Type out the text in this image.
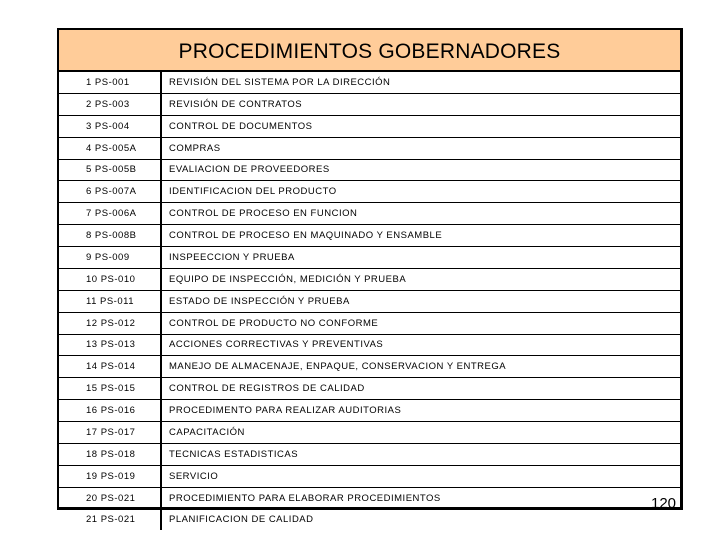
PROCEDIMIENTOS GOBERNADORES
1 PS-001	REVISIÓN DEL SISTEMA POR LA DIRECCIÓN
2 PS-003	REVISIÓN DE CONTRATOS
3 PS-004	CONTROL DE DOCUMENTOS
4 PS-005A	COMPRAS
5 PS-005B	EVALIACION DE PROVEEDORES
6 PS-007A	IDENTIFICACION DEL PRODUCTO
7 PS-006A	CONTROL DE PROCESO EN FUNCION
8 PS-008B	CONTROL DE PROCESO EN MAQUINADO Y ENSAMBLE
9 PS-009	INSPEECCION Y PRUEBA
10 PS-010	EQUIPO DE INSPECCIÓN, MEDICIÓN Y PRUEBA
11 PS-011	ESTADO DE INSPECCIÓN Y PRUEBA
12 PS-012	CONTROL DE PRODUCTO NO CONFORME
13 PS-013	ACCIONES CORRECTIVAS Y PREVENTIVAS
14 PS-014	MANEJO DE ALMACENAJE, ENPAQUE, CONSERVACION Y ENTREGA
15 PS-015	CONTROL DE REGISTROS DE CALIDAD
16 PS-016	PROCEDIMENTO PARA REALIZAR AUDITORIAS
17 PS-017	CAPACITACIÓN
18 PS-018	TECNICAS ESTADISTICAS
19 PS-019	SERVICIO
20 PS-021	PROCEDIMIENTO PARA ELABORAR PROCEDIMIENTOS
21 PS-021	PLANIFICACION DE CALIDAD
120
